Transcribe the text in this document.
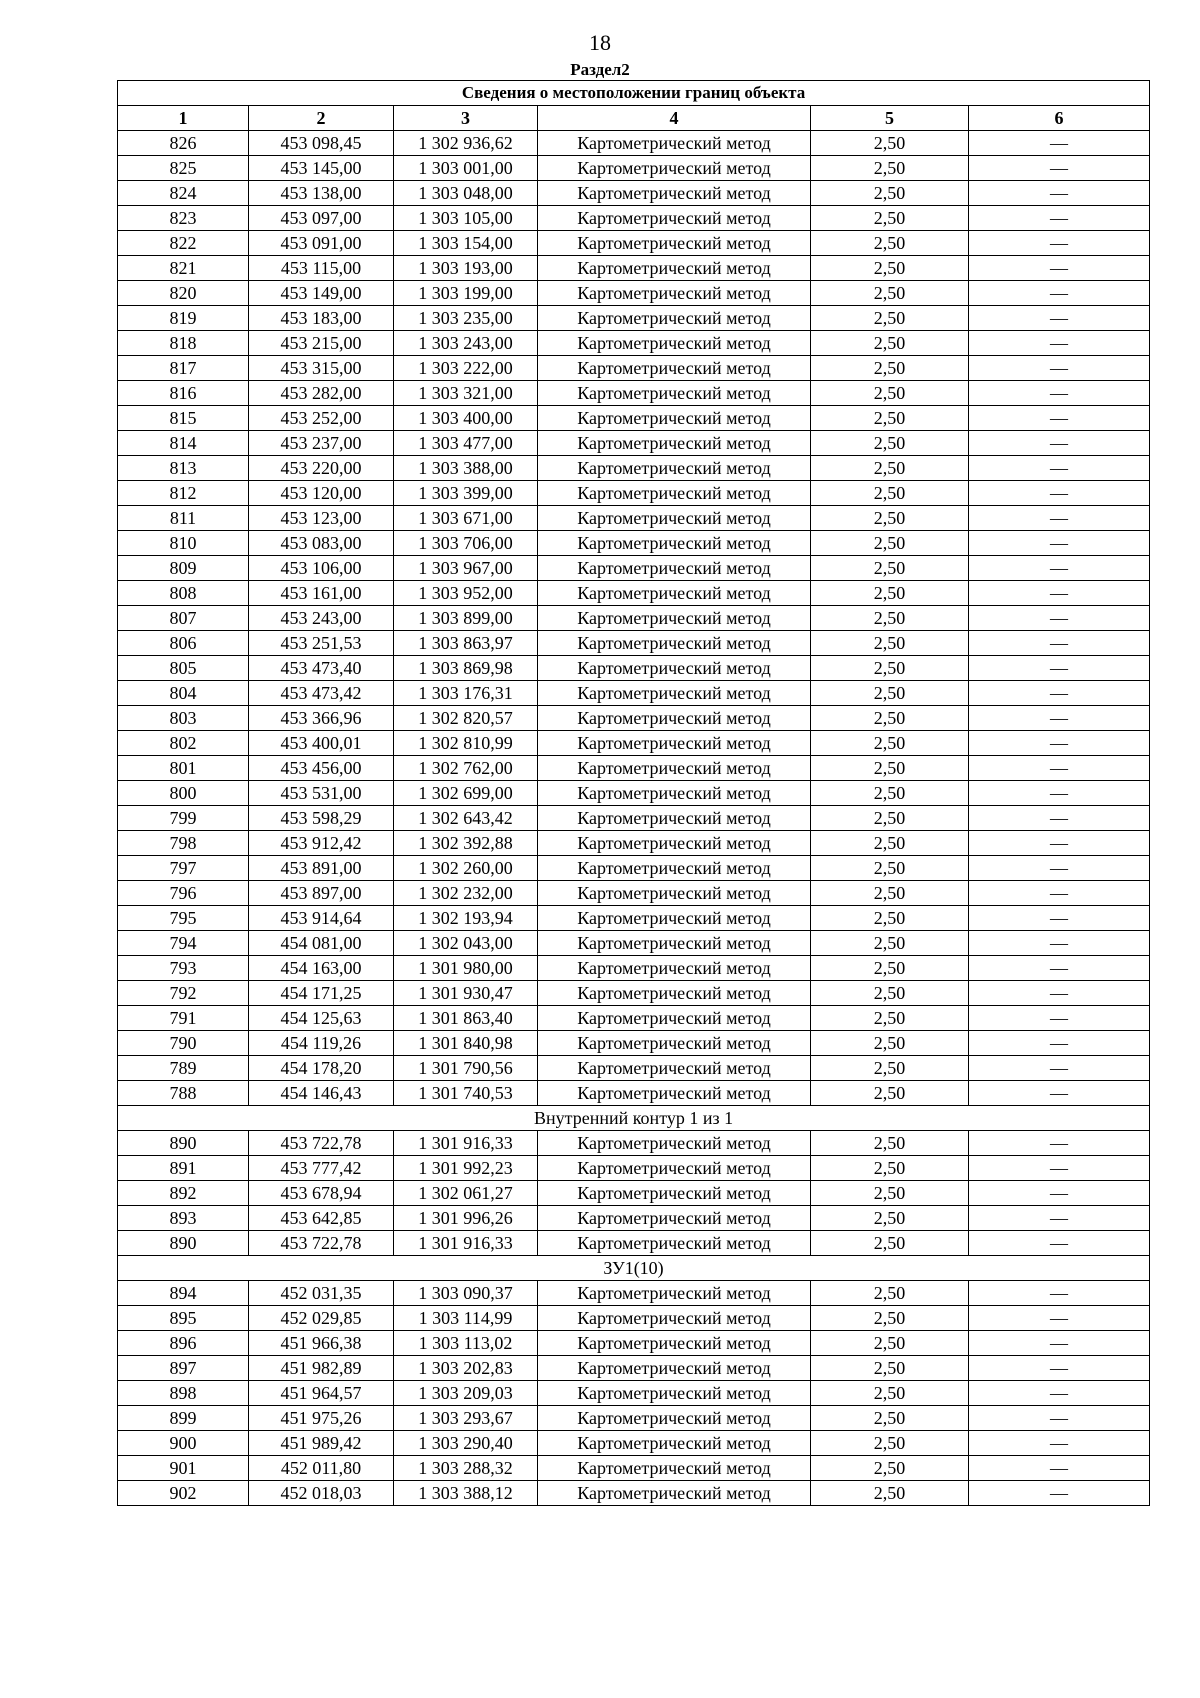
18
Раздел2
Сведения о местоположении границ объекта					
1	2	3	4	5	6
826	453 098,45	1 302 936,62	Картометрический метод	2,50	—
825	453 145,00	1 303 001,00	Картометрический метод	2,50	—
824	453 138,00	1 303 048,00	Картометрический метод	2,50	—
823	453 097,00	1 303 105,00	Картометрический метод	2,50	—
822	453 091,00	1 303 154,00	Картометрический метод	2,50	—
821	453 115,00	1 303 193,00	Картометрический метод	2,50	—
820	453 149,00	1 303 199,00	Картометрический метод	2,50	—
819	453 183,00	1 303 235,00	Картометрический метод	2,50	—
818	453 215,00	1 303 243,00	Картометрический метод	2,50	—
817	453 315,00	1 303 222,00	Картометрический метод	2,50	—
816	453 282,00	1 303 321,00	Картометрический метод	2,50	—
815	453 252,00	1 303 400,00	Картометрический метод	2,50	—
814	453 237,00	1 303 477,00	Картометрический метод	2,50	—
813	453 220,00	1 303 388,00	Картометрический метод	2,50	—
812	453 120,00	1 303 399,00	Картометрический метод	2,50	—
811	453 123,00	1 303 671,00	Картометрический метод	2,50	—
810	453 083,00	1 303 706,00	Картометрический метод	2,50	—
809	453 106,00	1 303 967,00	Картометрический метод	2,50	—
808	453 161,00	1 303 952,00	Картометрический метод	2,50	—
807	453 243,00	1 303 899,00	Картометрический метод	2,50	—
806	453 251,53	1 303 863,97	Картометрический метод	2,50	—
805	453 473,40	1 303 869,98	Картометрический метод	2,50	—
804	453 473,42	1 303 176,31	Картометрический метод	2,50	—
803	453 366,96	1 302 820,57	Картометрический метод	2,50	—
802	453 400,01	1 302 810,99	Картометрический метод	2,50	—
801	453 456,00	1 302 762,00	Картометрический метод	2,50	—
800	453 531,00	1 302 699,00	Картометрический метод	2,50	—
799	453 598,29	1 302 643,42	Картометрический метод	2,50	—
798	453 912,42	1 302 392,88	Картометрический метод	2,50	—
797	453 891,00	1 302 260,00	Картометрический метод	2,50	—
796	453 897,00	1 302 232,00	Картометрический метод	2,50	—
795	453 914,64	1 302 193,94	Картометрический метод	2,50	—
794	454 081,00	1 302 043,00	Картометрический метод	2,50	—
793	454 163,00	1 301 980,00	Картометрический метод	2,50	—
792	454 171,25	1 301 930,47	Картометрический метод	2,50	—
791	454 125,63	1 301 863,40	Картометрический метод	2,50	—
790	454 119,26	1 301 840,98	Картометрический метод	2,50	—
789	454 178,20	1 301 790,56	Картометрический метод	2,50	—
788	454 146,43	1 301 740,53	Картометрический метод	2,50	—
Внутренний контур 1 из 1					
890	453 722,78	1 301 916,33	Картометрический метод	2,50	—
891	453 777,42	1 301 992,23	Картометрический метод	2,50	—
892	453 678,94	1 302 061,27	Картометрический метод	2,50	—
893	453 642,85	1 301 996,26	Картометрический метод	2,50	—
890	453 722,78	1 301 916,33	Картометрический метод	2,50	—
ЗУ1(10)					
894	452 031,35	1 303 090,37	Картометрический метод	2,50	—
895	452 029,85	1 303 114,99	Картометрический метод	2,50	—
896	451 966,38	1 303 113,02	Картометрический метод	2,50	—
897	451 982,89	1 303 202,83	Картометрический метод	2,50	—
898	451 964,57	1 303 209,03	Картометрический метод	2,50	—
899	451 975,26	1 303 293,67	Картометрический метод	2,50	—
900	451 989,42	1 303 290,40	Картометрический метод	2,50	—
901	452 011,80	1 303 288,32	Картометрический метод	2,50	—
902	452 018,03	1 303 388,12	Картометрический метод	2,50	—
